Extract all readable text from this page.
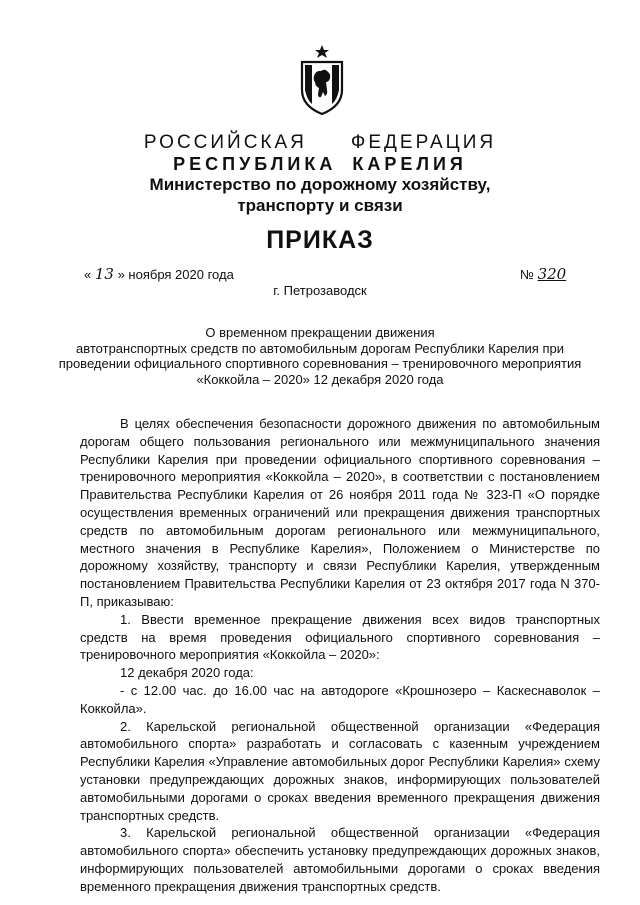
РОССИЙСКАЯ ФЕДЕРАЦИЯ
РЕСПУБЛИКА КАРЕЛИЯ
Министерство по дорожному хозяйству,
транспорту и связи
ПРИКАЗ
« 13 » ноября 2020 года	№ 320
г. Петрозаводск
О временном прекращении движения
автотранспортных средств по автомобильным дорогам Республики Карелия при
проведении официального спортивного соревнования – тренировочного мероприятия
«Коккойла – 2020» 12 декабря 2020 года

В целях обеспечения безопасности дорожного движения по автомобильным дорогам общего пользования регионального или межмуниципального значения Республики Карелия при проведении официального спортивного соревнования – тренировочного мероприятия «Коккойла – 2020», в соответствии с постановлением Правительства Республики Карелия от 26 ноября 2011 года № 323-П «О порядке осуществления временных ограничений или прекращения движения транспортных средств по автомобильным дорогам регионального или межмуниципального, местного значения в Республике Карелия», Положением о Министерстве по дорожному хозяйству, транспорту и связи Республики Карелия, утвержденным постановлением Правительства Республики Карелия от 23 октября 2017 года N 370-П, приказываю:

1. Ввести временное прекращение движения всех видов транспортных средств на время проведения официального спортивного соревнования – тренировочного мероприятия «Коккойла – 2020»:

12 декабря 2020 года:

- с 12.00 час. до 16.00 час на автодороге «Крошнозеро – Каскеснаволок – Коккойла».

2. Карельской региональной общественной организации «Федерация автомобильного спорта» разработать и согласовать с казенным учреждением Республики Карелия «Управление автомобильных дорог Республики Карелия» схему установки предупреждающих дорожных знаков, информирующих пользователей автомобильными дорогами о сроках введения временного прекращения движения транспортных средств.

3. Карельской региональной общественной организации «Федерация автомобильного спорта» обеспечить установку предупреждающих дорожных знаков, информирующих пользователей автомобильными дорогами о сроках введения временного прекращения движения транспортных средств.
